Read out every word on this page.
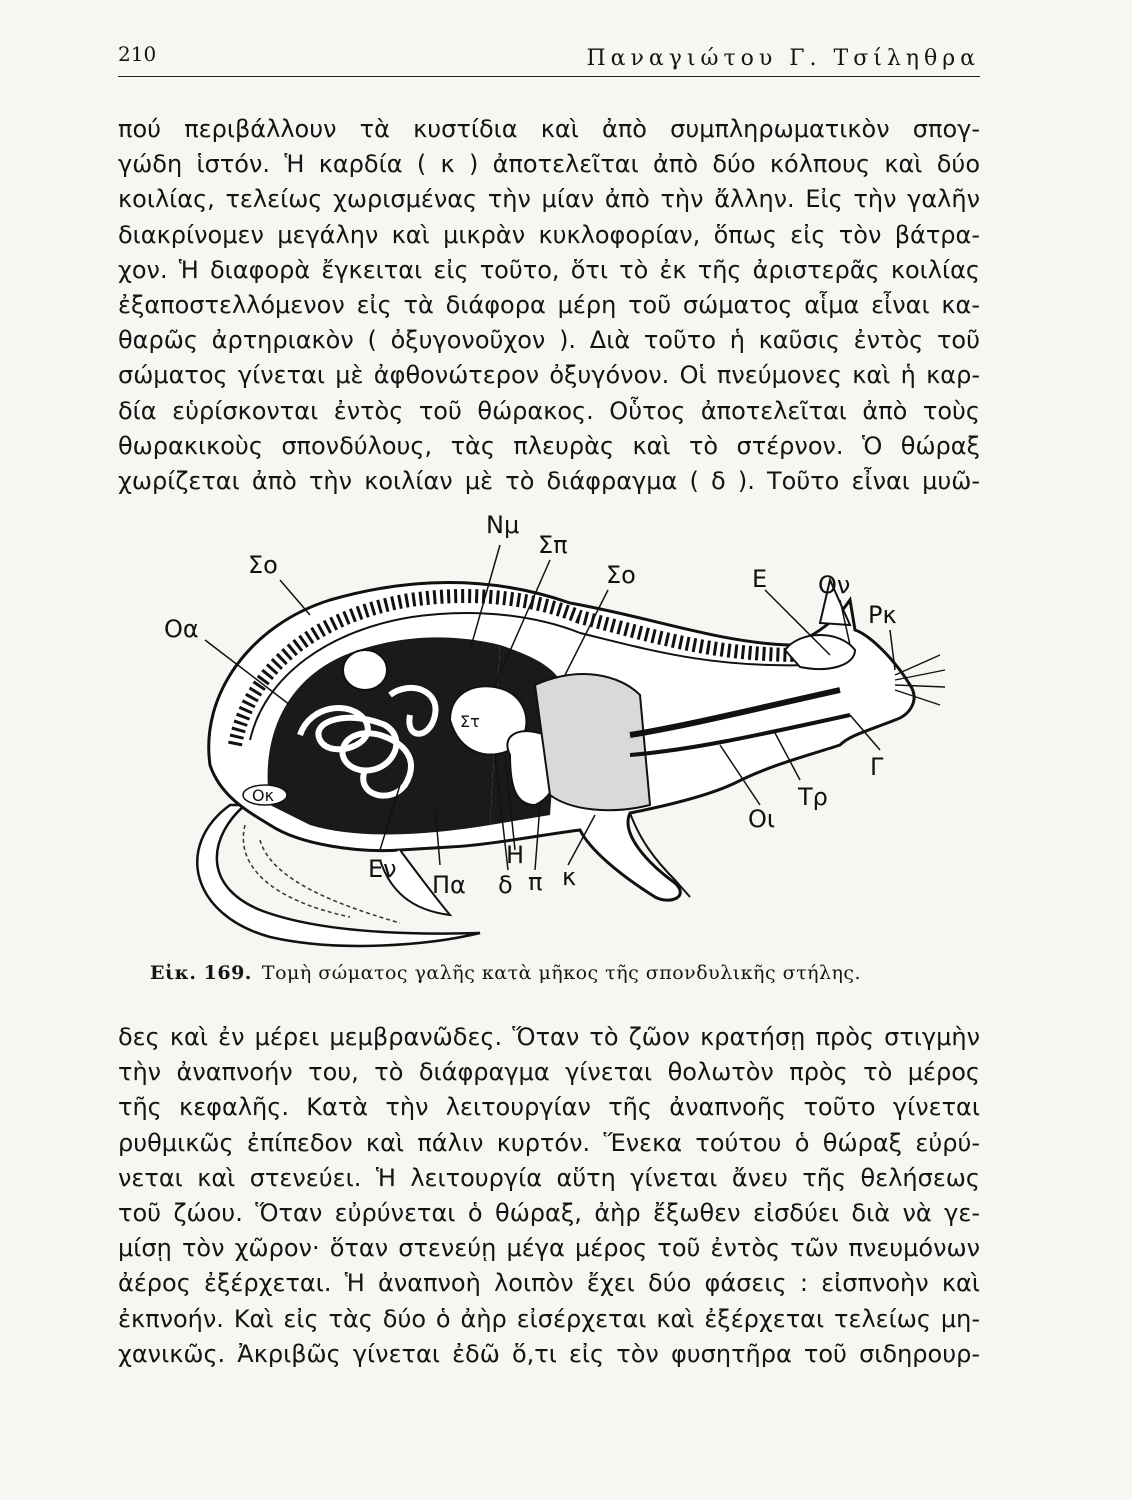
210	Παναγιώτου Γ. Τσίληθρα
πού περιβάλλουν τὰ κυστίδια καὶ ἀπὸ συμπληρωματικὸν σπογ-
γώδη ἱστόν. Ἡ καρδία ( κ ) ἀποτελεῖται ἀπὸ δύο κόλπους καὶ δύο
κοιλίας, τελείως χωρισμένας τὴν μίαν ἀπὸ τὴν ἄλλην. Εἰς τὴν γαλῆν
διακρίνομεν μεγάλην καὶ μικρὰν κυκλοφορίαν, ὅπως εἰς τὸν βάτρα-
χον. Ἡ διαφορὰ ἔγκειται εἰς τοῦτο, ὅτι τὸ ἐκ τῆς ἀριστερᾶς κοιλίας
ἐξαποστελλόμενον εἰς τὰ διάφορα μέρη τοῦ σώματος αἷμα εἶναι κα-
θαρῶς ἀρτηριακὸν ( ὀξυγονοῦχον ). Διὰ τοῦτο ἡ καῦσις ἐντὸς τοῦ
σώματος γίνεται μὲ ἀφθονώτερον ὀξυγόνον. Οἱ πνεύμονες καὶ ἡ καρ-
δία εὑρίσκονται ἐντὸς τοῦ θώρακος. Οὗτος ἀποτελεῖται ἀπὸ τοὺς
θωρακικοὺς σπονδύλους, τὰς πλευρὰς καὶ τὸ στέρνον. Ὁ θώραξ
χωρίζεται ἀπὸ τὴν κοιλίαν μὲ τὸ διάφραγμα ( δ ). Τοῦτο εἶναι μυῶ-
Νμ
Σπ
Σο	Σο	Ε Ον
Ρκ
Οα
Ν
Στ
Οκ
Γ
Τρ
Οι
Εν
Πα
Η
δ π κ
Εἰκ. 169. Τομὴ σώματος γαλῆς κατὰ μῆκος τῆς σπονδυλικῆς στήλης.
δες καὶ ἐν μέρει μεμβρανῶδες. Ὅταν τὸ ζῶον κρατήσῃ πρὸς στιγμὴν
τὴν ἀναπνοήν του, τὸ διάφραγμα γίνεται θολωτὸν πρὸς τὸ μέρος
τῆς κεφαλῆς. Κατὰ τὴν λειτουργίαν τῆς ἀναπνοῆς τοῦτο γίνεται
ρυθμικῶς ἐπίπεδον καὶ πάλιν κυρτόν. Ἕνεκα τούτου ὁ θώραξ εὐρύ-
νεται καὶ στενεύει. Ἡ λειτουργία αὕτη γίνεται ἄνευ τῆς θελήσεως
τοῦ ζώου. Ὅταν εὐρύνεται ὁ θώραξ, ἀὴρ ἔξωθεν εἰσδύει διὰ νὰ γε-
μίσῃ τὸν χῶρον· ὅταν στενεύῃ μέγα μέρος τοῦ ἐντὸς τῶν πνευμόνων
ἀέρος ἐξέρχεται. Ἡ ἀναπνοὴ λοιπὸν ἔχει δύο φάσεις : εἰσπνοὴν καὶ
ἐκπνοήν. Καὶ εἰς τὰς δύο ὁ ἀὴρ εἰσέρχεται καὶ ἐξέρχεται τελείως μη-
χανικῶς. Ἀκριβῶς γίνεται ἐδῶ ὅ,τι εἰς τὸν φυσητῆρα τοῦ σιδηρουρ-
